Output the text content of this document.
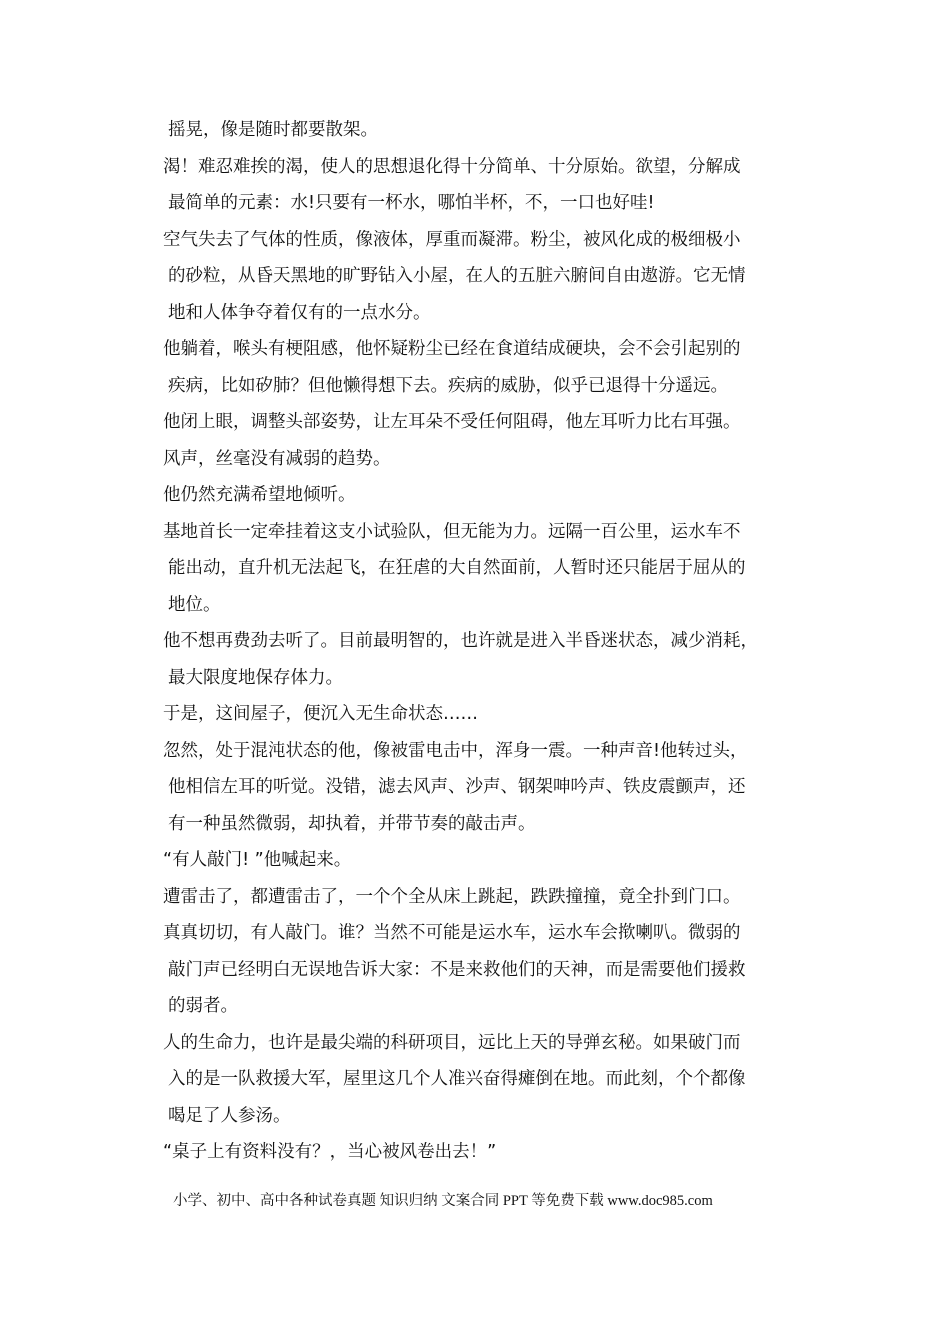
摇晃，像是随时都要散架。
渴！难忍难挨的渴，使人的思想退化得十分简单、十分原始。欲望，分解成
最简单的元素：水!只要有一杯水，哪怕半杯，不，一口也好哇!
空气失去了气体的性质，像液体，厚重而凝滞。粉尘，被风化成的极细极小
的砂粒，从昏天黑地的旷野钻入小屋，在人的五脏六腑间自由遨游。它无情
地和人体争夺着仅有的一点水分。
他躺着，喉头有梗阻感，他怀疑粉尘已经在食道结成硬块，会不会引起别的
疾病，比如矽肺？但他懒得想下去。疾病的威胁，似乎已退得十分遥远。
他闭上眼，调整头部姿势，让左耳朵不受任何阻碍，他左耳听力比右耳强。
风声，丝毫没有减弱的趋势。
他仍然充满希望地倾听。
基地首长一定牵挂着这支小试验队，但无能为力。远隔一百公里，运水车不
能出动，直升机无法起飞，在狂虐的大自然面前，人暂时还只能居于屈从的
地位。
他不想再费劲去听了。目前最明智的，也许就是进入半昏迷状态，减少消耗，
最大限度地保存体力。
于是，这间屋子，便沉入无生命状态……
忽然，处于混沌状态的他，像被雷电击中，浑身一震。一种声音!他转过头，
他相信左耳的听觉。没错，滤去风声、沙声、钢架呻吟声、铁皮震颤声，还
有一种虽然微弱，却执着，并带节奏的敲击声。
“有人敲门! ”他喊起来。
遭雷击了，都遭雷击了，一个个全从床上跳起，跌跌撞撞，竟全扑到门口。
真真切切，有人敲门。谁？当然不可能是运水车，运水车会揿喇叭。微弱的
敲门声已经明白无误地告诉大家：不是来救他们的天神，而是需要他们援救
的弱者。
人的生命力，也许是最尖端的科研项目，远比上天的导弹玄秘。如果破门而
入的是一队救援大军，屋里这几个人准兴奋得瘫倒在地。而此刻，个个都像
喝足了人参汤。
“桌子上有资料没有？，当心被风卷出去！”
小学、初中、高中各种试卷真题 知识归纳 文案合同 PPT 等免费下载 www.doc985.com
